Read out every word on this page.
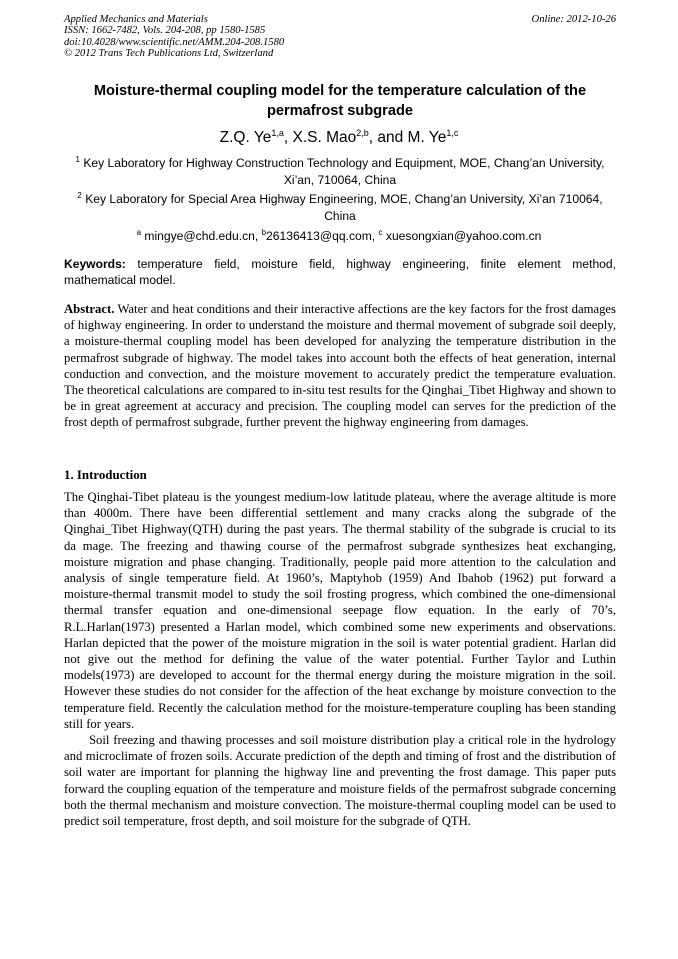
Applied Mechanics and Materials
ISSN: 1662-7482, Vols. 204-208, pp 1580-1585
doi:10.4028/www.scientific.net/AMM.204-208.1580
© 2012 Trans Tech Publications Ltd, Switzerland
Online: 2012-10-26
Moisture-thermal coupling model for the temperature calculation of the permafrost subgrade
Z.Q. Ye$^{1,a}$, X.S. Mao$^{2,b}$, and M. Ye$^{1,c}$
$^1$ Key Laboratory for Highway Construction Technology and Equipment, MOE, Chang’an University, Xi’an, 710064, China
$^2$ Key Laboratory for Special Area Highway Engineering, MOE, Chang’an University, Xi’an 710064, China
$^a$ mingye@chd.edu.cn, $^b$26136413@qq.com, $^c$ xuesongxian@yahoo.com.cn
Keywords: temperature field, moisture field, highway engineering, finite element method, mathematical model.
Abstract. Water and heat conditions and their interactive affections are the key factors for the frost damages of highway engineering. In order to understand the moisture and thermal movement of subgrade soil deeply, a moisture-thermal coupling model has been developed for analyzing the temperature distribution in the permafrost subgrade of highway. The model takes into account both the effects of heat generation, internal conduction and convection, and the moisture movement to accurately predict the temperature evaluation. The theoretical calculations are compared to in-situ test results for the Qinghai_Tibet Highway and shown to be in great agreement at accuracy and precision. The coupling model can serves for the prediction of the frost depth of permafrost subgrade, further prevent the highway engineering from damages.
1. Introduction

The Qinghai-Tibet plateau is the youngest medium-low latitude plateau, where the average altitude is more than 4000m. There have been differential settlement and many cracks along the subgrade of the Qinghai_Tibet Highway(QTH) during the past years. The thermal stability of the subgrade is crucial to its da mage. The freezing and thawing course of the permafrost subgrade synthesizes heat exchanging, moisture migration and phase changing. Traditionally, people paid more attention to the calculation and analysis of single temperature field. At 1960’s, Maptyhob (1959) And Ibahob (1962) put forward a moisture-thermal transmit model to study the soil frosting progress, which combined the one-dimensional thermal transfer equation and one-dimensional seepage flow equation. In the early of 70’s, R.L.Harlan(1973) presented a Harlan model, which combined some new experiments and observations. Harlan depicted that the power of the moisture migration in the soil is water potential gradient. Harlan did not give out the method for defining the value of the water potential. Further Taylor and Luthin models(1973) are developed to account for the thermal energy during the moisture migration in the soil. However these studies do not consider for the affection of the heat exchange by moisture convection to the temperature field. Recently the calculation method for the moisture-temperature coupling has been standing still for years.

Soil freezing and thawing processes and soil moisture distribution play a critical role in the hydrology and microclimate of frozen soils. Accurate prediction of the depth and timing of frost and the distribution of soil water are important for planning the highway line and preventing the frost damage. This paper puts forward the coupling equation of the temperature and moisture fields of the permafrost subgrade concerning both the thermal mechanism and moisture convection. The moisture-thermal coupling model can be used to predict soil temperature, frost depth, and soil moisture for the subgrade of QTH.
